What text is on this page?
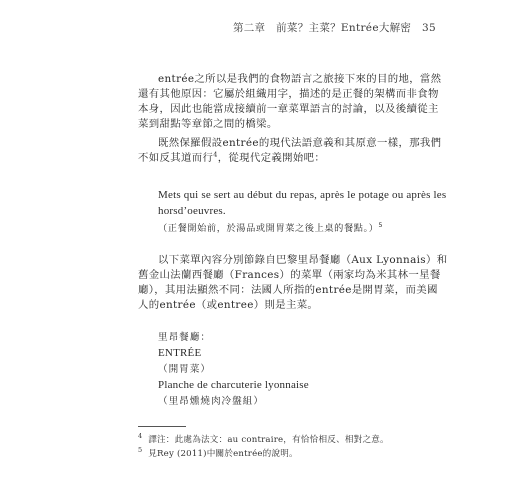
第二章　前菜？主菜？Entrée大解密　35
entrée之所以是我們的食物語言之旅接下來的目的地，當然
還有其他原因：它屬於組織用字，描述的是正餐的架構而非食物
本身，因此也能當成接續前一章菜單語言的討論，以及後續從主
菜到甜點等章節之間的橋梁。
既然保羅假設entrée的現代法語意義和其原意一樣，那我們
不如反其道而行$^4$，從現代定義開始吧：
Mets qui se sert au début du repas, après le potage ou après les
horsd’oeuvres.
（正餐開始前，於湯品或開胃菜之後上桌的餐點。）$^5$
以下菜單內容分別節錄自巴黎里昂餐廳（Aux Lyonnais）和
舊金山法蘭西餐廳（Frances）的菜單（兩家均為米其林一星餐
廳），其用法顯然不同：法國人所指的entrée是開胃菜，而美國
人的entrée（或entree）則是主菜。
里昂餐廳：
ENTRÉE
（開胃菜）
Planche de charcuterie lyonnaise
（里昂燻燒肉冷盤組）
$^4$ 譯注：此處為法文：au contraire，有恰恰相反、相對之意。
$^5$ 見Rey (2011)中關於entrée的說明。
